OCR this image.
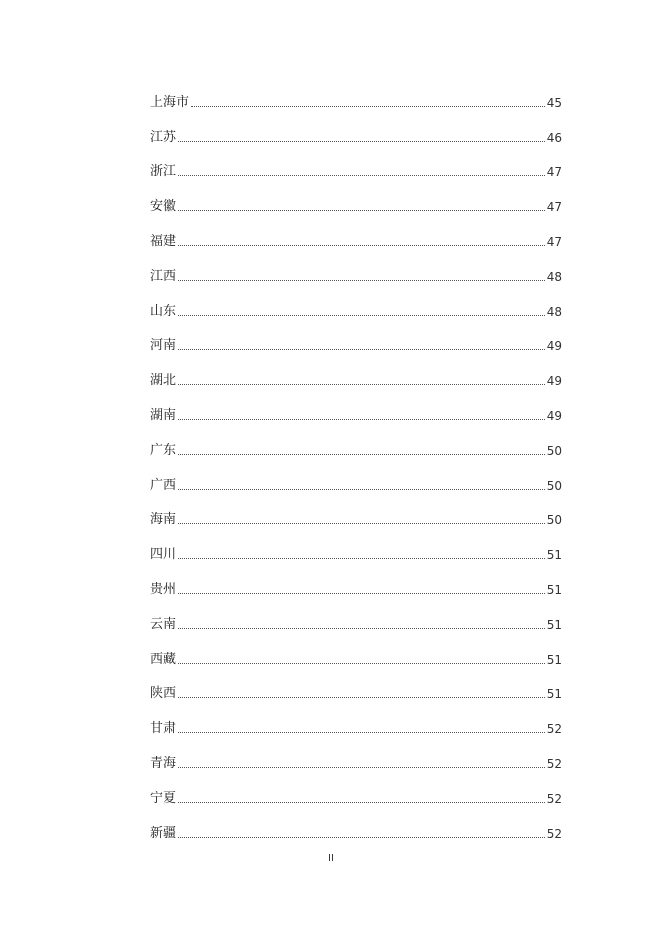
上海市	45
江苏	46
浙江	47
安徽	47
福建	47
江西	48
山东	48
河南	49
湖北	49
湖南	49
广东	50
广西	50
海南	50
四川	51
贵州	51
云南	51
西藏	51
陕西	51
甘肃	52
青海	52
宁夏	52
新疆	52
II
